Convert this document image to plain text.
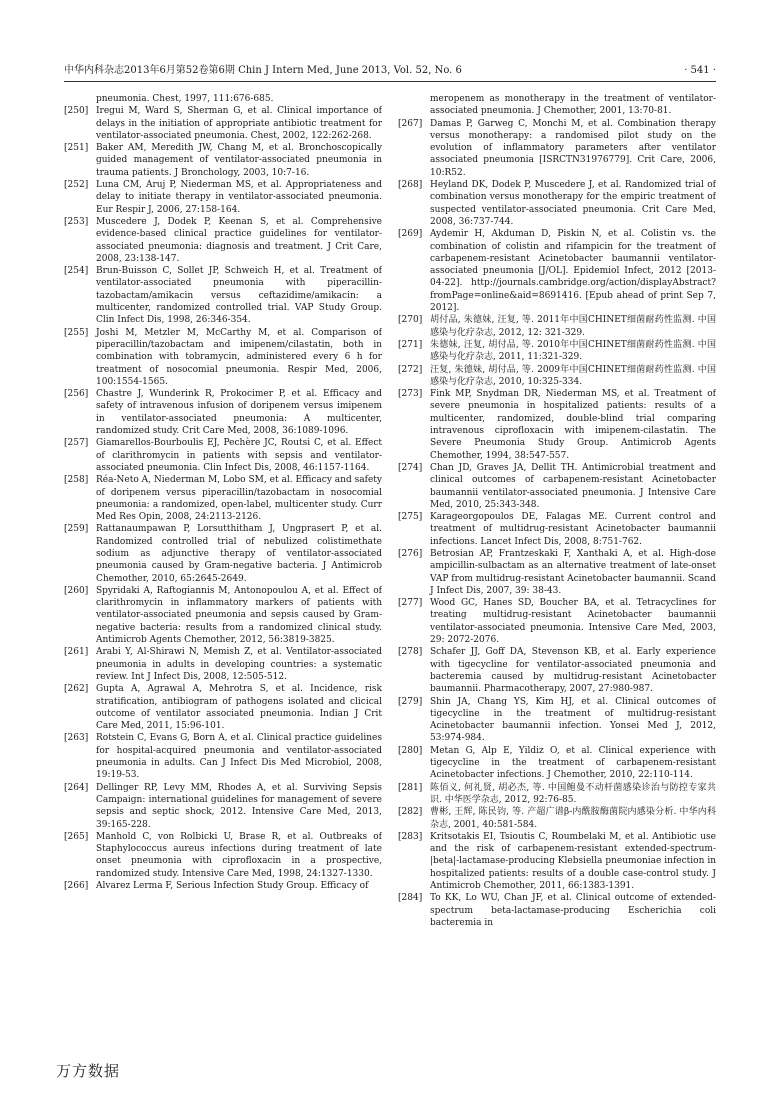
中华内科杂志2013年6月第52卷第6期 Chin J Intern Med, June 2013, Vol. 52, No. 6	· 541 ·

pneumonia. Chest, 1997, 111:676-685.

[250] Iregui M, Ward S, Sherman G, et al. Clinical importance of delays in the initiation of appropriate antibiotic treatment for ventilator-associated pneumonia. Chest, 2002, 122:262-268.

[251] Baker AM, Meredith JW, Chang M, et al. Bronchoscopically guided management of ventilator-associated pneumonia in trauma patients. J Bronchology, 2003, 10:7-16.

[252] Luna CM, Aruj P, Niederman MS, et al. Appropriateness and delay to initiate therapy in ventilator-associated pneumonia. Eur Respir J, 2006, 27:158-164.

[253] Muscedere J, Dodek P, Keenan S, et al. Comprehensive evidence-based clinical practice guidelines for ventilator-associated pneumonia: diagnosis and treatment. J Crit Care, 2008, 23:138-147.

[254] Brun-Buisson C, Sollet JP, Schweich H, et al. Treatment of ventilator-associated pneumonia with piperacillin-tazobactam/amikacin versus ceftazidime/amikacin: a multicenter, randomized controlled trial. VAP Study Group. Clin Infect Dis, 1998, 26:346-354.

[255] Joshi M, Metzler M, McCarthy M, et al. Comparison of piperacillin/tazobactam and imipenem/cilastatin, both in combination with tobramycin, administered every 6 h for treatment of nosocomial pneumonia. Respir Med, 2006, 100:1554-1565.

[256] Chastre J, Wunderink R, Prokocimer P, et al. Efficacy and safety of intravenous infusion of doripenem versus imipenem in ventilator-associated pneumonia: A multicenter, randomized study. Crit Care Med, 2008, 36:1089-1096.

[257] Giamarellos-Bourboulis EJ, Pechère JC, Routsi C, et al. Effect of clarithromycin in patients with sepsis and ventilator-associated pneumonia. Clin Infect Dis, 2008, 46:1157-1164.

[258] Réa-Neto A, Niederman M, Lobo SM, et al. Efficacy and safety of doripenem versus piperacillin/tazobactam in nosocomial pneumonia: a randomized, open-label, multicenter study. Curr Med Res Opin, 2008, 24:2113-2126.

[259] Rattanaumpawan P, Lorsutthitham J, Ungprasert P, et al. Randomized controlled trial of nebulized colistimethate sodium as adjunctive therapy of ventilator-associated pneumonia caused by Gram-negative bacteria. J Antimicrob Chemother, 2010, 65:2645-2649.

[260] Spyridaki A, Raftogiannis M, Antonopoulou A, et al. Effect of clarithromycin in inflammatory markers of patients with ventilator-associated pneumonia and sepsis caused by Gram-negative bacteria: results from a randomized clinical study. Antimicrob Agents Chemother, 2012, 56:3819-3825.

[261] Arabi Y, Al-Shirawi N, Memish Z, et al. Ventilator-associated pneumonia in adults in developing countries: a systematic review. Int J Infect Dis, 2008, 12:505-512.

[262] Gupta A, Agrawal A, Mehrotra S, et al. Incidence, risk stratification, antibiogram of pathogens isolated and clicical outcome of ventilator associated pneumonia. Indian J Crit Care Med, 2011, 15:96-101.

[263] Rotstein C, Evans G, Born A, et al. Clinical practice guidelines for hospital-acquired pneumonia and ventilator-associated pneumonia in adults. Can J Infect Dis Med Microbiol, 2008, 19:19-53.

[264] Dellinger RP, Levy MM, Rhodes A, et al. Surviving Sepsis Campaign: international guidelines for management of severe sepsis and septic shock, 2012. Intensive Care Med, 2013, 39:165-228.

[265] Manhold C, von Rolbicki U, Brase R, et al. Outbreaks of Staphylococcus aureus infections during treatment of late onset pneumonia with ciprofloxacin in a prospective, randomized study. Intensive Care Med, 1998, 24:1327-1330.

[266] Alvarez Lerma F, Serious Infection Study Group. Efficacy of

meropenem as monotherapy in the treatment of ventilator-associated pneumonia. J Chemother, 2001, 13:70-81.

[267] Damas P, Garweg C, Monchi M, et al. Combination therapy versus monotherapy: a randomised pilot study on the evolution of inflammatory parameters after ventilator associated pneumonia [ISRCTN31976779]. Crit Care, 2006, 10:R52.

[268] Heyland DK, Dodek P, Muscedere J, et al. Randomized trial of combination versus monotherapy for the empiric treatment of suspected ventilator-associated pneumonia. Crit Care Med, 2008, 36:737-744.

[269] Aydemir H, Akduman D, Piskin N, et al. Colistin vs. the combination of colistin and rifampicin for the treatment of carbapenem-resistant Acinetobacter baumannii ventilator-associated pneumonia [J/OL]. Epidemiol Infect, 2012 [2013-04-22]. http://journals.cambridge.org/action/displayAbstract?fromPage=online&aid=8691416. [Epub ahead of print Sep 7, 2012].

[270] 胡付品, 朱德妹, 汪复, 等. 2011年中国CHINET细菌耐药性监测. 中国感染与化疗杂志, 2012, 12: 321-329.

[271] 朱德妹, 汪复, 胡付品, 等. 2010年中国CHINET细菌耐药性监测. 中国感染与化疗杂志, 2011, 11:321-329.

[272] 汪复, 朱德妹, 胡付品, 等. 2009年中国CHINET细菌耐药性监测. 中国感染与化疗杂志, 2010, 10:325-334.

[273] Fink MP, Snydman DR, Niederman MS, et al. Treatment of severe pneumonia in hospitalized patients: results of a multicenter, randomized, double-blind trial comparing intravenous ciprofloxacin with imipenem-cilastatin. The Severe Pneumonia Study Group. Antimicrob Agents Chemother, 1994, 38:547-557.

[274] Chan JD, Graves JA, Dellit TH. Antimicrobial treatment and clinical outcomes of carbapenem-resistant Acinetobacter baumannii ventilator-associated pneumonia. J Intensive Care Med, 2010, 25:343-348.

[275] Karageorgopoulos DE, Falagas ME. Current control and treatment of multidrug-resistant Acinetobacter baumannii infections. Lancet Infect Dis, 2008, 8:751-762.

[276] Betrosian AP, Frantzeskaki F, Xanthaki A, et al. High-dose ampicillin-sulbactam as an alternative treatment of late-onset VAP from multidrug-resistant Acinetobacter baumannii. Scand J Infect Dis, 2007, 39: 38-43.

[277] Wood GC, Hanes SD, Boucher BA, et al. Tetracyclines for treating multidrug-resistant Acinetobacter baumannii ventilator-associated pneumonia. Intensive Care Med, 2003, 29: 2072-2076.

[278] Schafer JJ, Goff DA, Stevenson KB, et al. Early experience with tigecycline for ventilator-associated pneumonia and bacteremia caused by multidrug-resistant Acinetobacter baumannii. Pharmacotherapy, 2007, 27:980-987.

[279] Shin JA, Chang YS, Kim HJ, et al. Clinical outcomes of tigecycline in the treatment of multidrug-resistant Acinetobacter baumannii infection. Yonsei Med J, 2012, 53:974-984.

[280] Metan G, Alp E, Yildiz O, et al. Clinical experience with tigecycline in the treatment of carbapenem-resistant Acinetobacter infections. J Chemother, 2010, 22:110-114.

[281] 陈佰义, 何礼贤, 胡必杰, 等. 中国鲍曼不动杆菌感染诊治与防控专家共识. 中华医学杂志, 2012, 92:76-85.

[282] 曹彬, 王辉, 陈民钧, 等. 产超广谱β-内酰胺酶菌院内感染分析. 中华内科杂志, 2001, 40:581-584.

[283] Kritsotakis EI, Tsioutis C, Roumbelaki M, et al. Antibiotic use and the risk of carbapenem-resistant extended-spectrum-|beta|-lactamase-producing Klebsiella pneumoniae infection in hospitalized patients: results of a double case-control study. J Antimicrob Chemother, 2011, 66:1383-1391.

[284] To KK, Lo WU, Chan JF, et al. Clinical outcome of extended-spectrum beta-lactamase-producing Escherichia coli bacteremia in

万方数据
